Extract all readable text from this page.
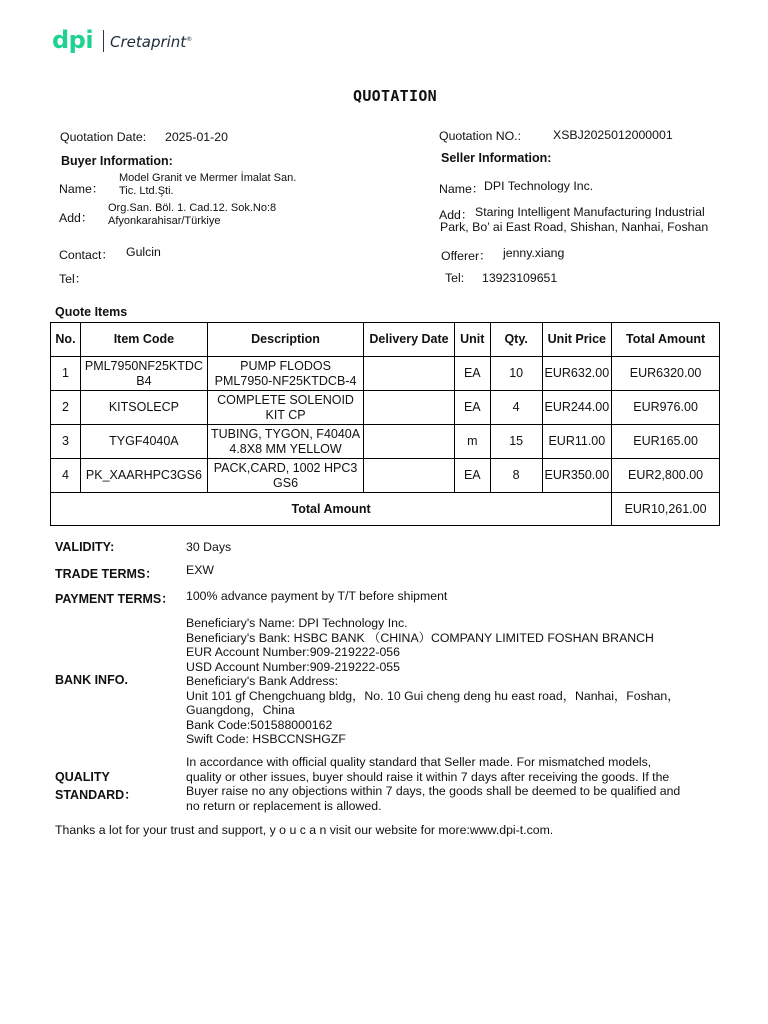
dpi Cretaprint®
QUOTATION
Quotation Date: 2025-01-20	Quotation NO.:	XSBJ2025012000001
Buyer Information:
Name：
Model Granit ve Mermer İmalat San.
Tic. Ltd.Şti.
Add：
Org.San. Böl. 1. Cad.12. Sok.No:8
Afyonkarahisar/Türkiye
Contact： Gulcin
Tel：
Seller Information:
Name： DPI Technology Inc.
Add： Staring Intelligent Manufacturing Industrial
Park, Bo’ ai East Road, Shishan, Nanhai, Foshan
Offerer： jenny.xiang
Tel: 13923109651
Quote Items
No.	Item Code	Description	Delivery Date	Unit	Qty.	Unit Price	Total Amount
1	PML7950NF25KTDCB4	PUMP FLODOS PML7950-NF25KTDCB-4		EA	10	EUR632.00	EUR6320.00
2	KITSOLECP	COMPLETE SOLENOID KIT CP		EA	4	EUR244.00	EUR976.00
3	TYGF4040A	TUBING, TYGON, F4040A 4.8X8 MM YELLOW		m	15	EUR11.00	EUR165.00
4	PK_XAARHPC3GS6	PACK,CARD, 1002 HPC3 GS6		EA	8	EUR350.00	EUR2,800.00
Total Amount							EUR10,261.00
VALIDITY:	30 Days
TRADE TERMS： EXW
PAYMENT TERMS： 100% advance payment by T/T before shipment
BANK INFO.
Beneficiary's Name: DPI Technology Inc.
Beneficiary's Bank: HSBC BANK （CHINA）COMPANY LIMITED FOSHAN BRANCH
EUR Account Number:909-219222-056
USD Account Number:909-219222-055
Beneficiary's Bank Address:
Unit 101 gf Chengchuang bldg，No. 10 Gui cheng deng hu east road，Nanhai，Foshan，
Guangdong，China
Bank Code:501588000162
Swift Code: HSBCCNSHGZF
QUALITY
STANDARD：
In accordance with official quality standard that Seller made. For mismatched models,
quality or other issues, buyer should raise it within 7 days after receiving the goods. If the
Buyer raise no any objections within 7 days, the goods shall be deemed to be qualified and
no return or replacement is allowed.
Thanks a lot for your trust and support, y o u c a n visit our website for more:www.dpi-t.com.
